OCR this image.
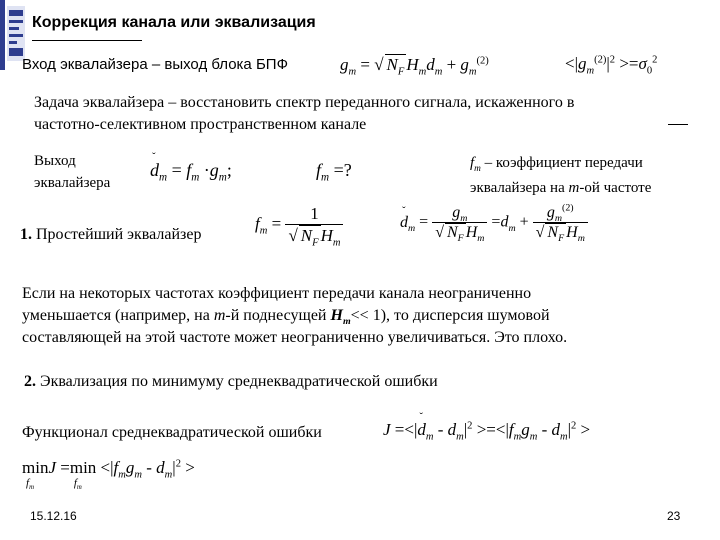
Коррекция канала или эквализация
Вход эквалайзера – выход блока БПФ	$g_m$ = √ $N_F$ $H_md_m + g_m^{(2)}$	$<|g_m^{(2)}|^2 >=\sigma_0^2$
Задача эквалайзера – восстановить спектр переданного сигнала, искаженного в
частотно-селективном пространственном канале
Выход
эквалайзера
d
ˇ
$_m = f_m \cdot g_m$;	$f_m$ =?	$f_m$ – коэффициент передачи
эквалайзера на m-ой частоте
1. Простейший эквалайзер
$f_m = \frac{1}{√ N_F H_m}$	d
ˇ
$_m = \frac{g_m}{√ N_F H_m} =d_m + \frac{g_m^{(2)}}{√ N_F H_m}$
Если на некоторых частотах коэффициент передачи канала неограниченно
уменьшается (например, на m-й поднесущей $H_m<< 1$), то дисперсия шумовой
составляющей на этой частоте может неограниченно увеличиваться. Это плохо.
2. Эквализация по минимуму среднеквадратической ошибки
Функционал среднеквадратической ошибки	J =<|d
ˇ
$_m - d_m|^2 >=<|f_mg_m - d_m|^2$ >
min
$f_m$
J =min
$f_m$
$<|f_mg_m - d_m|^2$ >
15.12.16	23
